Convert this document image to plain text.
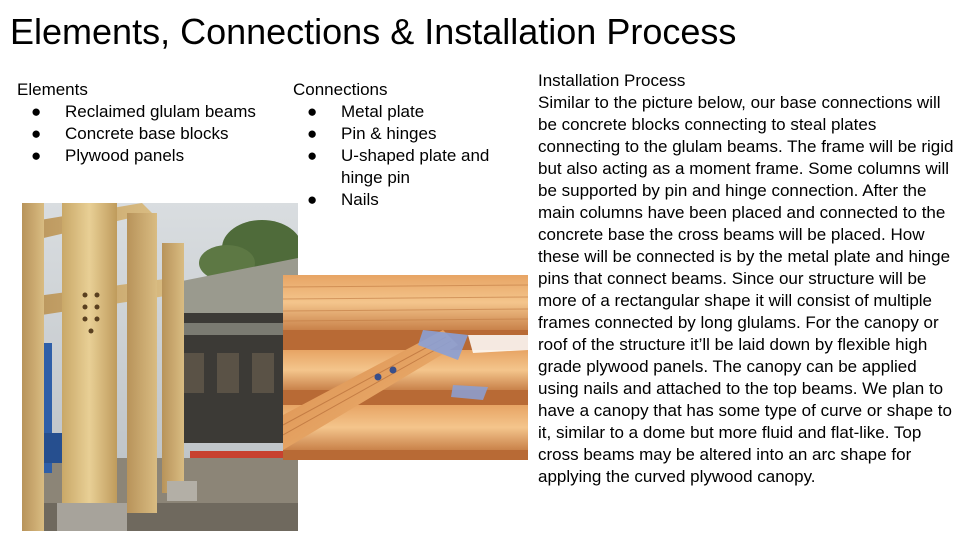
Elements, Connections & Installation Process
Elements
● Reclaimed glulam beams
● Concrete base blocks
● Plywood panels
Connections
● Metal plate
● Pin & hinges
● U-shaped plate and hinge pin
● Nails
Installation Process
Similar to the picture below, our base connections will be concrete blocks connecting to steal plates connecting to the glulam beams. The frame will be rigid but also acting as a moment frame. Some columns will be supported by pin and hinge connection. After the main columns have been placed and connected to the concrete base the cross beams will be placed. How these will be connected is by the metal plate and hinge pins that connect beams. Since our structure will be more of a rectangular shape it will consist of multiple frames connected by long glulams. For the canopy or roof of the structure it’ll be laid down by flexible high grade plywood panels. The canopy can be applied using nails and attached to the top beams. We plan to have a canopy that has some type of curve or shape to it, similar to a dome but more fluid and flat-like. Top cross beams may be altered into an arc shape for applying the curved plywood canopy.
